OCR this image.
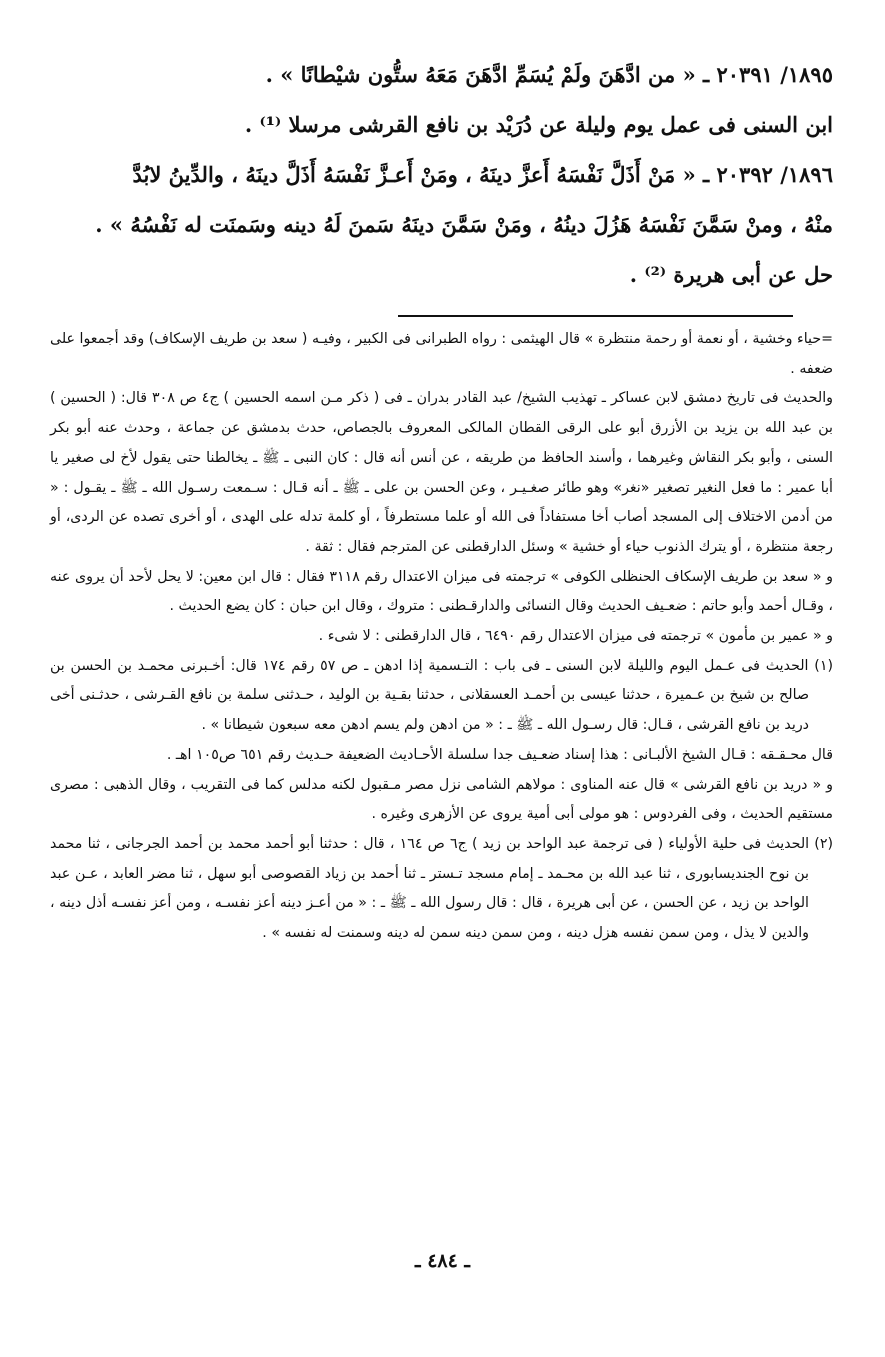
١٨٩٥/ ٢٠٣٩١ ـ « من ادَّهَنَ ولَمْ يُسَمِّ ادَّهَنَ مَعَهُ ستُّون شيْطانًا » .
ابن السنى فى عمل يوم وليلة عن دُرَيْد بن نافع القرشى مرسلا ⁽¹⁾ .

١٨٩٦/ ٢٠٣٩٢ ـ « مَنْ أَذَلَّ نَفْسَهُ أَعزَّ دينَهُ ، ومَنْ أَعـزَّ نَفْسَهُ أَذَلَّ دينَهُ ، والدِّينُ لابُدَّ
منْهُ ، ومنْ سَمَّنَ نَفْسَهُ هَزُلَ دينُهُ ، ومَنْ سَمَّنَ دينَهُ سَمنَ لَهُ دينه وسَمنَت له نَفْسُهُ » .
حل عن أبى هريرة ⁽²⁾ .

=حياء وخشية ، أو نعمة أو رحمة منتظرة » قال الهيثمى : رواه الطبرانى فى الكبير ، وفيـه ( سعد بن طريف الإسكاف) وقد أجمعوا على ضعفه .

والحديث فى تاريخ دمشق لابن عساكر ـ تهذيب الشيخ/ عبد القادر بدران ـ فى ( ذكر مـن اسمه الحسين ) ج٤ ص ٣٠٨ قال: ( الحسين ) بن عبد الله بن يزيد بن الأزرق أبو على الرقى القطان المالكى المعروف بالجصاص، حدث بدمشق عن جماعة ، وحدث عنه أبو بكر السنى ، وأبو بكر النقاش وغيرهما ، وأسند الحافظ من طريقه ، عن أنس أنه قال : كان النبى ـ ﷺ ـ يخالطنا حتى يقول لأخ لى صغير يا أبا عمير : ما فعل النغير تصغير «نغر» وهو طائر صغـيـر ، وعن الحسن بن على ـ ﷺ ـ أنه قـال : سـمعت رسـول الله ـ ﷺ ـ يقـول : « من أدمن الاختلاف إلى المسجد أصاب أخا مستفاداً فى الله أو علما مستطرفاً ، أو كلمة تدله على الهدى ، أو أخرى تصده عن الردى، أو رجعة منتظرة ، أو يترك الذنوب حياء أو خشية » وسئل الدارقطنى عن المترجم فقال : ثقة .

و « سعد بن طريف الإسكاف الحنظلى الكوفى » ترجمته فى ميزان الاعتدال رقم ٣١١٨ فقال : قال ابن معين: لا يحل لأحد أن يروى عنه ، وقـال أحمد وأبو حاتم : ضعـيف الحديث وقال النسائى والدارقـطنى : متروك ، وقال ابن حبان : كان يضع الحديث .

و « عمير بن مأمون » ترجمته فى ميزان الاعتدال رقم ٦٤٩٠ ، قال الدارقطنى : لا شىء .

(١) الحديث فى عـمل اليوم والليلة لابن السنى ـ فى باب : التـسمية إذا ادهن ـ ص ٥٧ رقم ١٧٤ قال: أخـبرنى محمـد بن الحسن بن صالح بن شيخ بن عـميرة ، حدثنا عيسى بن أحمـد العسقلانى ، حدثنا بقـية بن الوليد ، حـدثنى سلمة بن نافع القـرشى ، حدثـنى أخى دريد بن نافع القرشى ، قـال: قال رسـول الله ـ ﷺ ـ : « من ادهن ولم يسم ادهن معه سبعون شيطانا » .

قال محـقـقه : قـال الشيخ الألبـانى : هذا إسناد ضعـيف جدا سلسلة الأحـاديث الضعيفة حـديث رقم ٦٥١ ص١٠٥ اهـ .

و « دريد بن نافع القرشى » قال عنه المناوى : مولاهم الشامى نزل مصر مـقبول لكنه مدلس كما فى التقريب ، وقال الذهبى : مصرى مستقيم الحديث ، وفى الفردوس : هو مولى أبى أمية يروى عن الأزهرى وغيره .

(٢) الحديث فى حلية الأولياء ( فى ترجمة عبد الواحد بن زيد ) ج٦ ص ١٦٤ ، قال : حدثنا أبو أحمد محمد بن أحمد الجرجانى ، ثنا محمد بن نوح الجنديسابورى ، ثنا عبد الله بن محـمد ـ إمام مسجد تـستر ـ ثنا أحمد بن زياد القصوصى أبو سهل ، ثنا مضر العابد ، عـن عبد الواحد بن زيد ، عن الحسن ، عن أبى هريرة ، قال : قال رسول الله ـ ﷺ ـ : « من أعـز دينه أعز نفسـه ، ومن أعز نفسـه أذل دينه ، والدين لا يذل ، ومن سمن نفسه هزل دينه ، ومن سمن دينه سمن له دينه وسمنت له نفسه » .

ـ ٤٨٤ ـ
